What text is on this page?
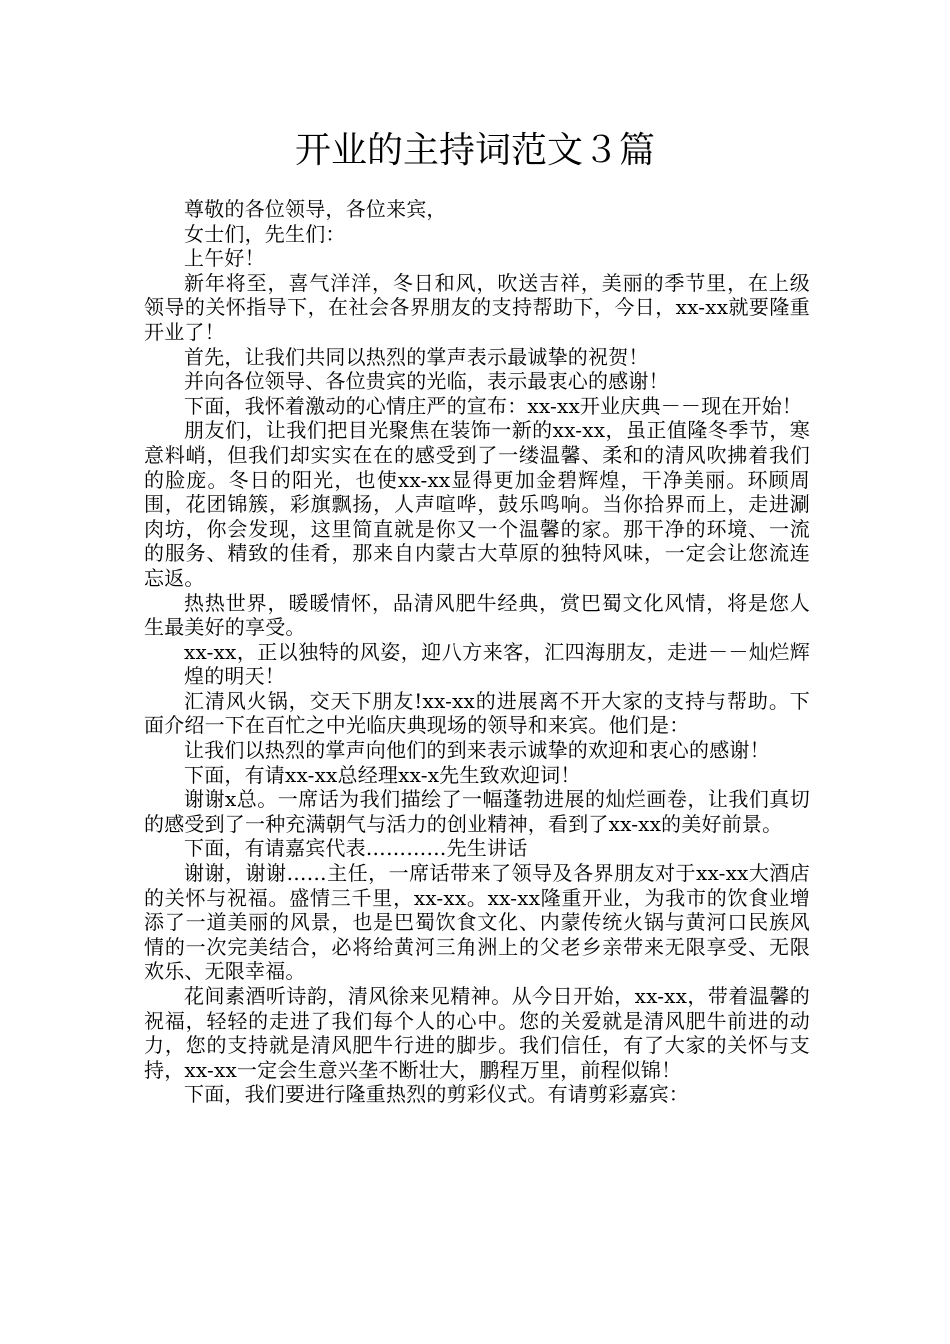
开业的主持词范文３篇

尊敬的各位领导，各位来宾，

女士们，先生们：

上午好！

新年将至，喜气洋洋，冬日和风，吹送吉祥，美丽的季节里，在上级领导的关怀指导下，在社会各界朋友的支持帮助下，今日，xx-xx就要隆重开业了！

首先，让我们共同以热烈的掌声表示最诚挚的祝贺！

并向各位领导、各位贵宾的光临，表示最衷心的感谢！

下面，我怀着激动的心情庄严的宣布：xx-xx开业庆典－－现在开始！

朋友们，让我们把目光聚焦在装饰一新的xx-xx，虽正值隆冬季节，寒意料峭，但我们却实实在在的感受到了一缕温馨、柔和的清风吹拂着我们的脸庞。冬日的阳光，也使xx-xx显得更加金碧辉煌，干净美丽。环顾周围，花团锦簇，彩旗飘扬，人声喧哗，鼓乐鸣响。当你拾界而上，走进涮肉坊，你会发现，这里简直就是你又一个温馨的家。那干净的环境、一流的服务、精致的佳肴，那来自内蒙古大草原的独特风味，一定会让您流连忘返。

热热世界，暖暖情怀，品清风肥牛经典，赏巴蜀文化风情，将是您人生最美好的享受。

xx-xx，正以独特的风姿，迎八方来客，汇四海朋友，走进－－灿烂辉煌的明天！

汇清风火锅，交天下朋友!xx-xx的进展离不开大家的支持与帮助。下面介绍一下在百忙之中光临庆典现场的领导和来宾。他们是：

让我们以热烈的掌声向他们的到来表示诚挚的欢迎和衷心的感谢！

下面，有请xx-xx总经理xx-x先生致欢迎词！

谢谢x总。一席话为我们描绘了一幅蓬勃进展的灿烂画卷，让我们真切的感受到了一种充满朝气与活力的创业精神，看到了xx-xx的美好前景。

下面，有请嘉宾代表…………先生讲话

谢谢，谢谢……主任，一席话带来了领导及各界朋友对于xx-xx大酒店的关怀与祝福。盛情三千里，xx-xx。xx-xx隆重开业，为我市的饮食业增添了一道美丽的风景，也是巴蜀饮食文化、内蒙传统火锅与黄河口民族风情的一次完美结合，必将给黄河三角洲上的父老乡亲带来无限享受、无限欢乐、无限幸福。

花间素酒听诗韵，清风徐来见精神。从今日开始，xx-xx，带着温馨的祝福，轻轻的走进了我们每个人的心中。您的关爱就是清风肥牛前进的动力，您的支持就是清风肥牛行进的脚步。我们信任，有了大家的关怀与支持，xx-xx一定会生意兴垄不断壮大，鹏程万里，前程似锦！

下面，我们要进行隆重热烈的剪彩仪式。有请剪彩嘉宾：
